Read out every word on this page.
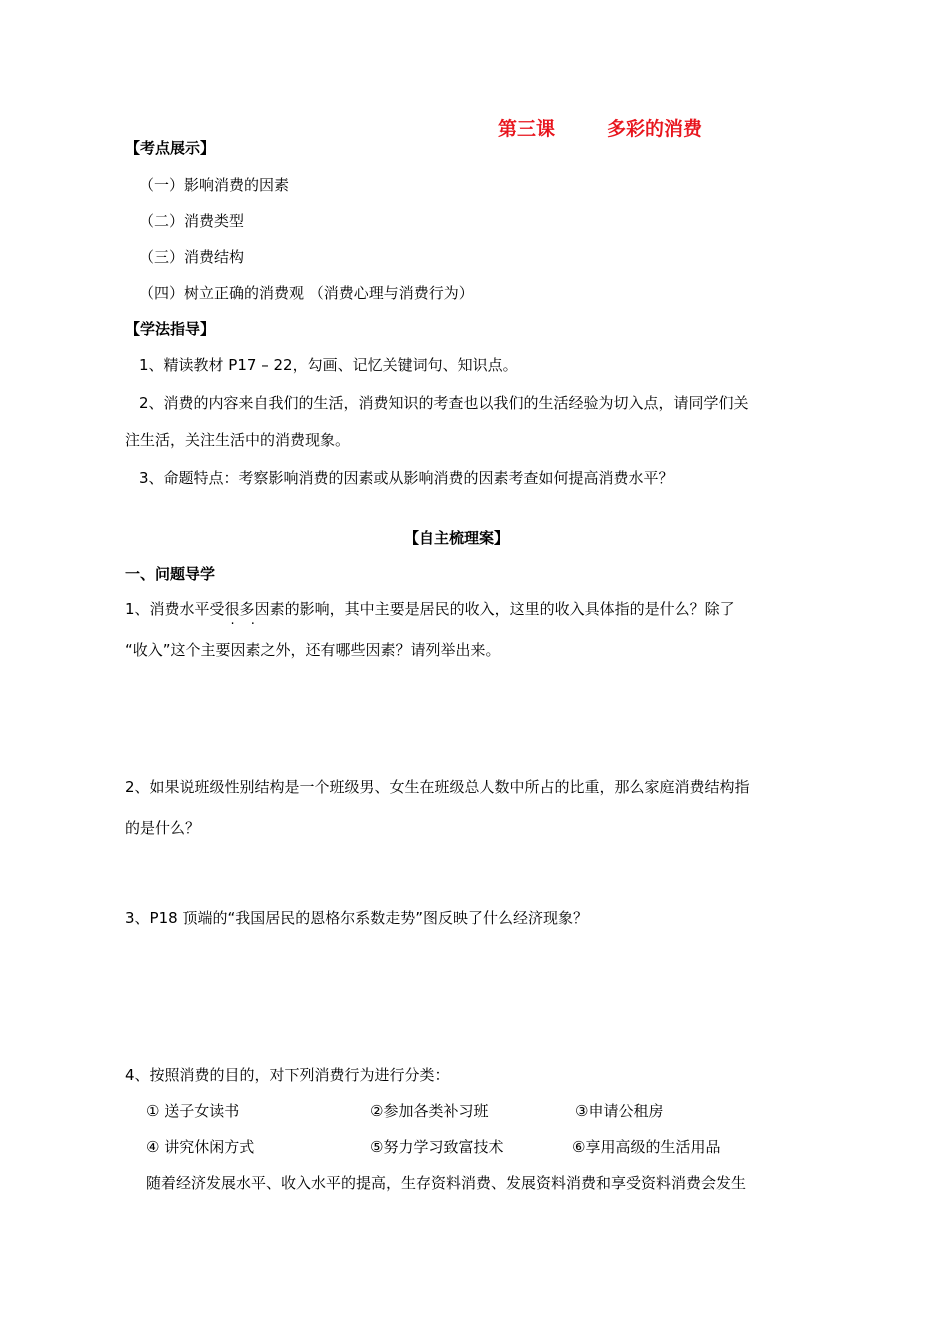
第三课	多彩的消费
【考点展示】
（一）影响消费的因素
（二）消费类型
（三）消费结构
（四）树立正确的消费观 （消费心理与消费行为）
【学法指导】
1、精读教材 P17 – 22，勾画、记忆关键词句、知识点。
2、消费的内容来自我们的生活，消费知识的考查也以我们的生活经验为切入点，请同学们关
注生活，关注生活中的消费现象。
3、命题特点：考察影响消费的因素或从影响消费的因素考查如何提高消费水平？
【自主梳理案】
一、问题导学
1、消费水平受很多 · ·因素的影响，其中主要是居民的收入，这里的收入具体指的是什么？除了
“收入”这个主要因素之外，还有哪些因素？请列举出来。
2、如果说班级性别结构是一个班级男、女生在班级总人数中所占的比重，那么家庭消费结构指
的是什么？
3、P18 顶端的“我国居民的恩格尔系数走势”图反映了什么经济现象？
4、按照消费的目的，对下列消费行为进行分类：
① 送子女读书	②参加各类补习班	③申请公租房
④ 讲究休闲方式	⑤努力学习致富技术	⑥享用高级的生活用品
随着经济发展水平、收入水平的提高，生存资料消费、发展资料消费和享受资料消费会发生
